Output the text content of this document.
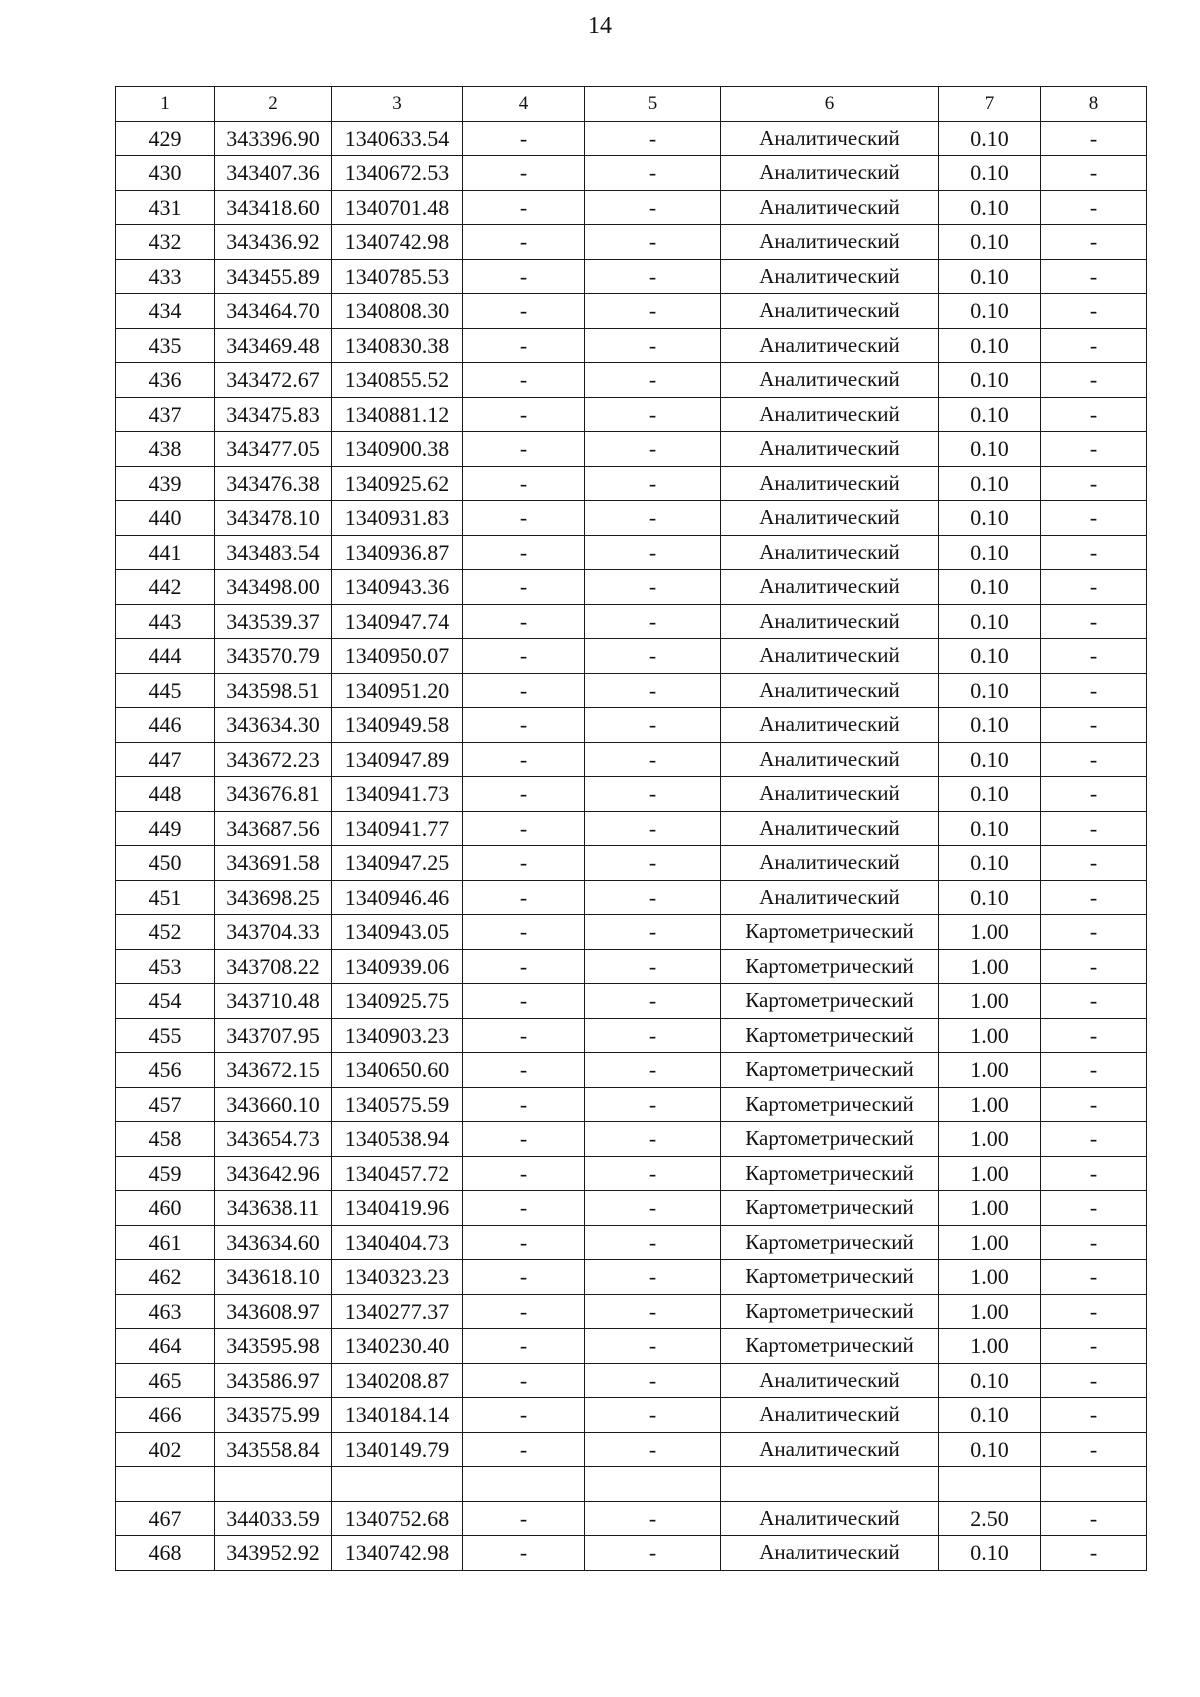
14
1	2	3	4	5	6	7	8
429	343396.90	1340633.54	-	-	Аналитический	0.10	-
430	343407.36	1340672.53	-	-	Аналитический	0.10	-
431	343418.60	1340701.48	-	-	Аналитический	0.10	-
432	343436.92	1340742.98	-	-	Аналитический	0.10	-
433	343455.89	1340785.53	-	-	Аналитический	0.10	-
434	343464.70	1340808.30	-	-	Аналитический	0.10	-
435	343469.48	1340830.38	-	-	Аналитический	0.10	-
436	343472.67	1340855.52	-	-	Аналитический	0.10	-
437	343475.83	1340881.12	-	-	Аналитический	0.10	-
438	343477.05	1340900.38	-	-	Аналитический	0.10	-
439	343476.38	1340925.62	-	-	Аналитический	0.10	-
440	343478.10	1340931.83	-	-	Аналитический	0.10	-
441	343483.54	1340936.87	-	-	Аналитический	0.10	-
442	343498.00	1340943.36	-	-	Аналитический	0.10	-
443	343539.37	1340947.74	-	-	Аналитический	0.10	-
444	343570.79	1340950.07	-	-	Аналитический	0.10	-
445	343598.51	1340951.20	-	-	Аналитический	0.10	-
446	343634.30	1340949.58	-	-	Аналитический	0.10	-
447	343672.23	1340947.89	-	-	Аналитический	0.10	-
448	343676.81	1340941.73	-	-	Аналитический	0.10	-
449	343687.56	1340941.77	-	-	Аналитический	0.10	-
450	343691.58	1340947.25	-	-	Аналитический	0.10	-
451	343698.25	1340946.46	-	-	Аналитический	0.10	-
452	343704.33	1340943.05	-	-	Картометрический	1.00	-
453	343708.22	1340939.06	-	-	Картометрический	1.00	-
454	343710.48	1340925.75	-	-	Картометрический	1.00	-
455	343707.95	1340903.23	-	-	Картометрический	1.00	-
456	343672.15	1340650.60	-	-	Картометрический	1.00	-
457	343660.10	1340575.59	-	-	Картометрический	1.00	-
458	343654.73	1340538.94	-	-	Картометрический	1.00	-
459	343642.96	1340457.72	-	-	Картометрический	1.00	-
460	343638.11	1340419.96	-	-	Картометрический	1.00	-
461	343634.60	1340404.73	-	-	Картометрический	1.00	-
462	343618.10	1340323.23	-	-	Картометрический	1.00	-
463	343608.97	1340277.37	-	-	Картометрический	1.00	-
464	343595.98	1340230.40	-	-	Картометрический	1.00	-
465	343586.97	1340208.87	-	-	Аналитический	0.10	-
466	343575.99	1340184.14	-	-	Аналитический	0.10	-
402	343558.84	1340149.79	-	-	Аналитический	0.10	-

467	344033.59	1340752.68	-	-	Аналитический	2.50	-
468	343952.92	1340742.98	-	-	Аналитический	0.10	-
